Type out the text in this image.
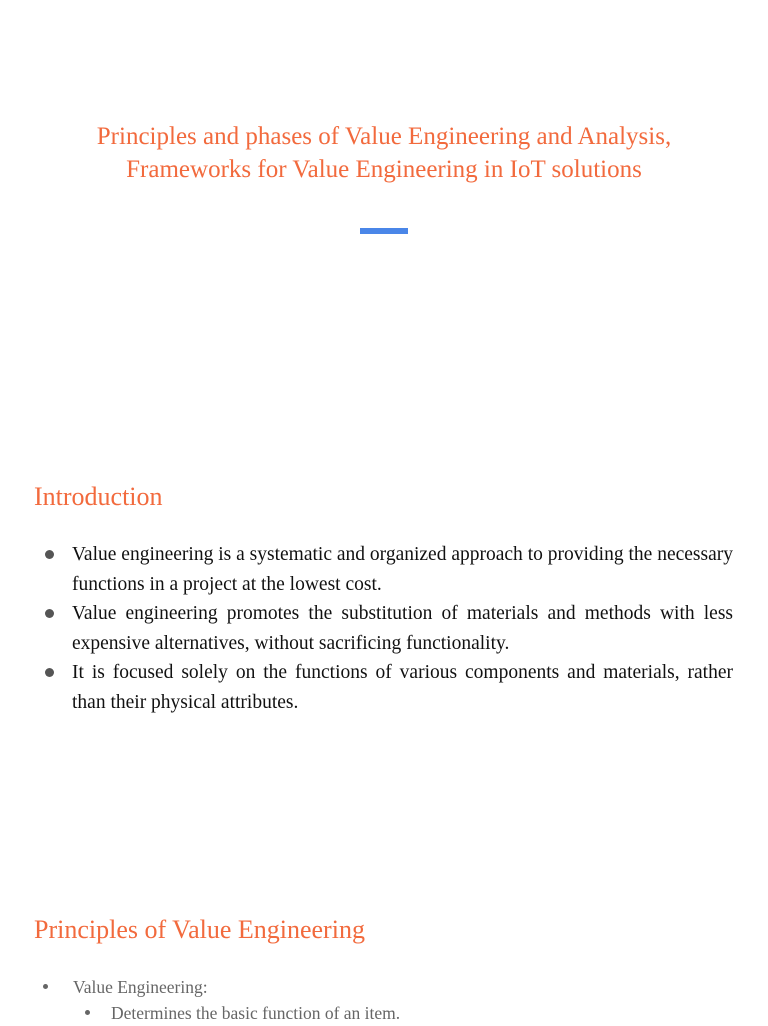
Principles and phases of Value Engineering and Analysis,
Frameworks for Value Engineering in IoT solutions
Introduction
Value engineering is a systematic and organized approach to providing the necessary functions in a project at the lowest cost.
Value engineering promotes the substitution of materials and methods with less expensive alternatives, without sacrificing functionality.
It is focused solely on the functions of various components and materials, rather than their physical attributes.
Principles of Value Engineering
Value Engineering:
Determines the basic function of an item.
